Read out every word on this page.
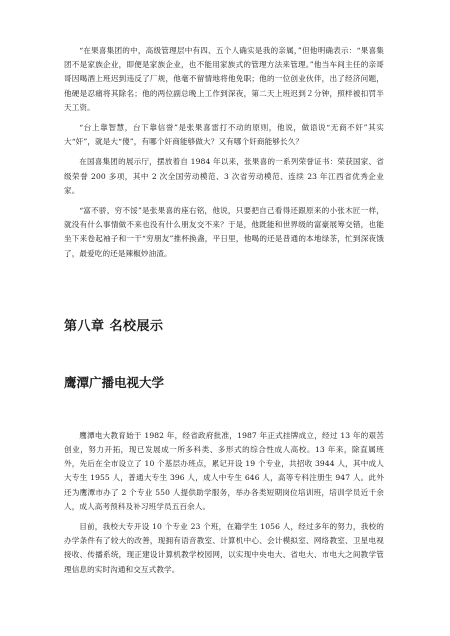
“在果喜集团的中，高级管理层中有四、五个人确实是我的亲属，”但他明确表示：“果喜集团不是家族企业，即便是家族企业，也不能用家族式的管理方法来管理。”他当车间主任的亲哥哥因喝酒上班迟到违反了厂规，他毫不留情地将他免职；他的一位创业伙伴，出了经济问题，他硬是忍痛将其除名；他的两位副总晚上工作到深夜，第二天上班迟到２分钟，照样被扣罚半天工资。

“台上靠智慧，台下靠信誉”是张果喜雷打不动的原则，他说，做语说“无商不奸”其实大“奸”，就是大“傻”，有哪个奸商能够做大？又有哪个奸商能够长久？

在国喜集团的展示厅，摆放着自 1984 年以来，张果喜的一系列荣誉证书：荣获国家、省级荣誉 200 多项，其中 2 次全国劳动模范、3 次省劳动模范、连续 23 年江西省优秀企业家。

“富不骄，穷不馁”是张果喜的座右铭，他说，只要把自己看得还跟原来的小张木匠一样，就没有什么事情做不来也没有什么朋友交不来？于是，他既能和世界级的富豪展筹交错，也能坐下来卷起袖子和一干“穷朋友”推杯换盏，平日里，他喝的还是普通的本地绿茶，忙到深夜饿了，最爱吃的还是辣椒炒油渣。

第八章 名校展示
鹰潭广播电视大学

鹰潭电大教育始于 1982 年，经省政府批准，1987 年正式挂牌成立，经过 13 年的艰苦创业，努力开拓，现已发展成一所多科类、多形式的综合性成人高校。13 年来，除直属班外，先后在全市设立了 10 个基层办班点，累记开设 19 个专业，共招收 3944 人，其中成人大专生 1955 人，普通大专生 396 人，成人中专生 646 人，高等专科注册生 947 人。此外还为鹰潭市办了 2 个专业 550 人提供助学服务，举办各类短期岗位培训班，培训学员近千余人，成人高考预科及补习班学员五百余人。

目前，我校大专开设 10 个专业 23 个班，在籍学生 1056 人，经过多年的努力，我校的办学条件有了较大的改善，现拥有语音教室、计算机中心、会计模拟室、网络教室、卫星电视接收、传播系统，现正建设计算机教学校园网，以实现中央电大、省电大、市电大之间教学管理信息的实时沟通和交互式教学。
